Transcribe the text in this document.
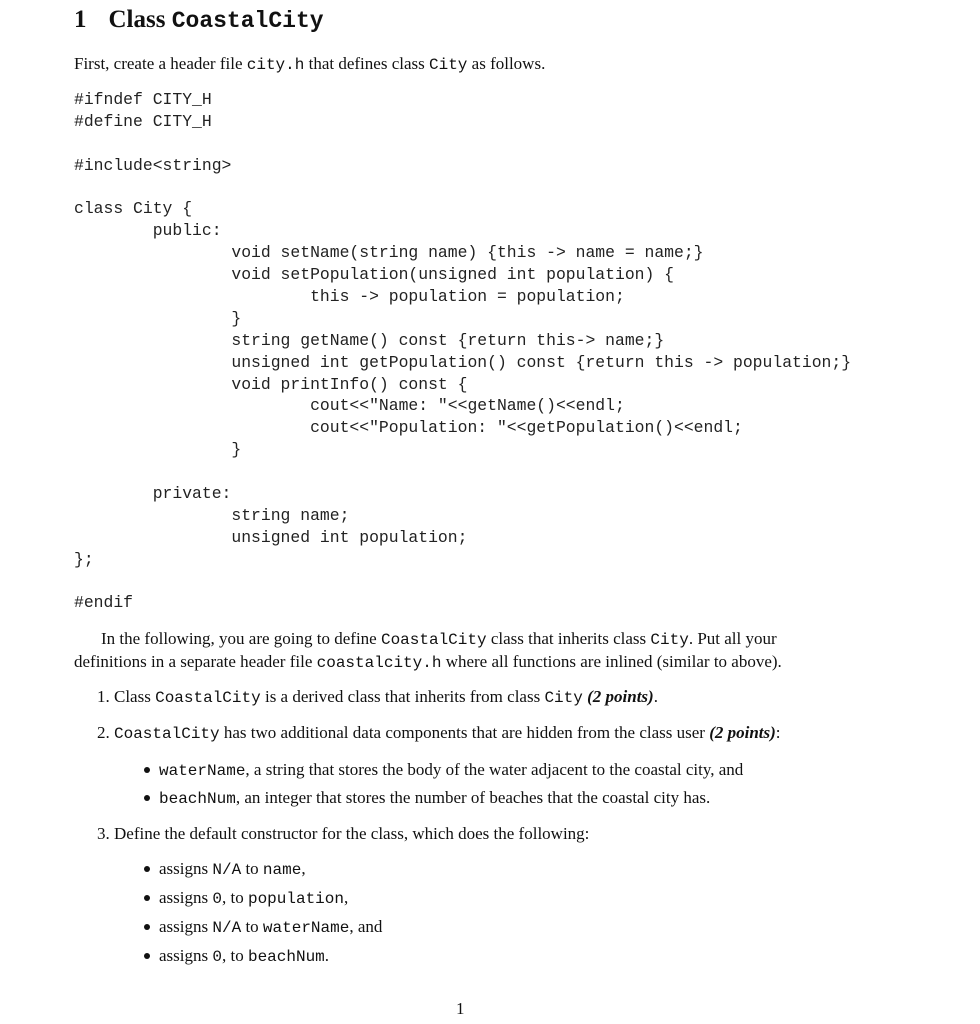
1 Class CoastalCity
First, create a header file city.h that defines class City as follows.
#ifndef CITY_H
#define CITY_H
#include<string>
class City {
public:
void setName(string name) {this -> name = name;}
void setPopulation(unsigned int population) {
this -> population = population;
}
string getName() const {return this-> name;}
unsigned int getPopulation() const {return this -> population;}
void printInfo() const {
cout<<"Name: "<<getName()<<endl;
cout<<"Population: "<<getPopulation()<<endl;
}
private:
string name;
unsigned int population;
};
#endif
In the following, you are going to define CoastalCity class that inherits class City. Put all your
definitions in a separate header file coastalcity.h where all functions are inlined (similar to above).
1. Class CoastalCity is a derived class that inherits from class City (2 points).
2. CoastalCity has two additional data components that are hidden from the class user (2 points):
waterName, a string that stores the body of the water adjacent to the coastal city, and
beachNum, an integer that stores the number of beaches that the coastal city has.
3. Define the default constructor for the class, which does the following:
assigns N/A to name,
assigns 0, to population,
assigns N/A to waterName, and
assigns 0, to beachNum.
1
